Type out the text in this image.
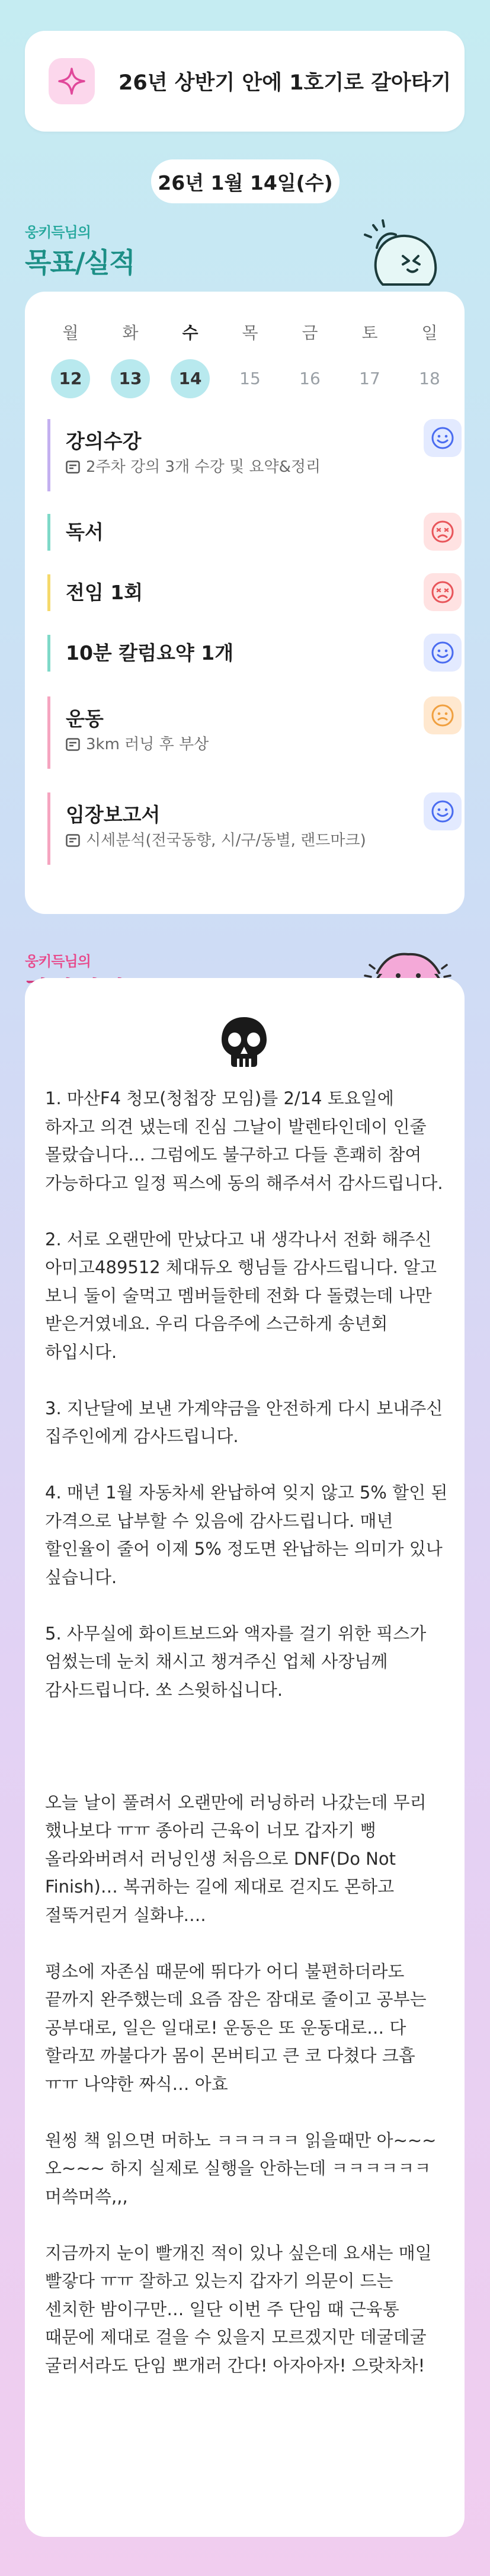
26년 상반기 안에 1호기로 갈아타기
26년 1월 14일(수)
웅키득님의
목표/실적
월
12
화
13
수
14
목
15
금
16
토
17
일
18
강의수강
2주차 강의 3개 수강 및 요약&정리
독서
전임 1회
10분 칼럼요약 1개
운동
3km 러닝 후 부상
임장보고서
시세분석(전국동향, 시/구/동별, 랜드마크)
웅키득님의
1. 마산F4 청모(청첩장 모임)를 2/14 토요일에 하자고 의견 냈는데 진심 그날이 발렌타인데이 인줄 몰랐습니다… 그럼에도 불구하고 다들 흔쾌히 참여 가능하다고 일정 픽스에 동의 해주셔서 감사드립니다.

2. 서로 오랜만에 만났다고 내 생각나서 전화 해주신 아미고489512 체대듀오 행님들 감사드립니다. 알고 보니 둘이 술먹고 멤버들한테 전화 다 돌렸는데 나만 받은거였네요. 우리 다음주에 스근하게 송년회 하입시다.

3. 지난달에 보낸 가계약금을 안전하게 다시 보내주신 집주인에게 감사드립니다.

4. 매년 1월 자동차세 완납하여 잊지 않고 5% 할인 된 가격으로 납부할 수 있음에 감사드립니다. 매년 할인율이 줄어 이제 5% 정도면 완납하는 의미가 있나 싶습니다.

5. 사무실에 화이트보드와 액자를 걸기 위한 픽스가 엄썼는데 눈치 채시고 챙겨주신 업체 사장님께 감사드립니다. 쏘 스윗하십니다.

오늘 날이 풀려서 오랜만에 러닝하러 나갔는데 무리 했나보다 ㅠㅠ 종아리 근육이 너모 갑자기 뻥 올라와버려서 러닝인생 처음으로 DNF(Do Not Finish)… 복귀하는 길에 제대로 걷지도 몬하고 절뚝거린거 실화냐….

평소에 자존심 때문에 뛰다가 어디 불편하더라도 끝까지 완주했는데 요즘 잠은 잠대로 줄이고 공부는 공부대로, 일은 일대로! 운동은 또 운동대로… 다 할라꼬 까불다가 몸이 몬버티고 큰 코 다쳤다 크흡 ㅠㅠ 나약한 짜식… 아효

원씽 책 읽으면 머하노 ㅋㅋㅋㅋㅋ 읽을때만 아~~~ 오~~~ 하지 실제로 실행을 안하는데 ㅋㅋㅋㅋㅋㅋ 머쓱머쓱,,,

지금까지 눈이 빨개진 적이 있나 싶은데 요새는 매일 빨갛다 ㅠㅠ 잘하고 있는지 갑자기 의문이 드는 센치한 밤이구만… 일단 이번 주 단임 때 근육통 때문에 제대로 걸을 수 있을지 모르겠지만 데굴데굴 굴러서라도 단임 뽀개러 간다! 아자아자! 으랏차차!
